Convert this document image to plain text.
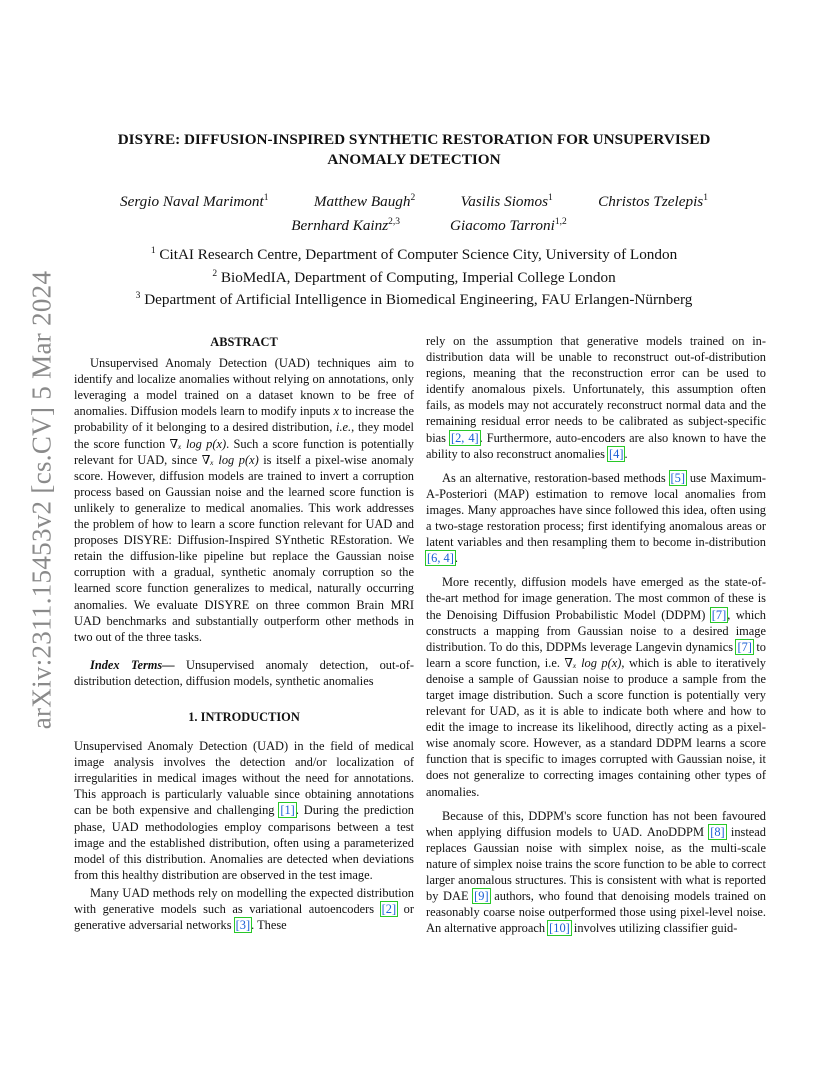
arXiv:2311.15453v2 [cs.CV] 5 Mar 2024
DISYRE: DIFFUSION-INSPIRED SYNTHETIC RESTORATION FOR UNSUPERVISED
ANOMALY DETECTION
Sergio Naval Marimont$^1$	Matthew Baugh$^2$	Vasilis Siomos$^1$	Christos Tzelepis$^1$
Bernhard Kainz$^{2,3}$	Giacomo Tarroni$^{1,2}$
$^1$ CitAI Research Centre, Department of Computer Science City, University of London
$^2$ BioMedIA, Department of Computing, Imperial College London
$^3$ Department of Artificial Intelligence in Biomedical Engineering, FAU Erlangen-Nürnberg
ABSTRACT

Unsupervised Anomaly Detection (UAD) techniques aim to identify and localize anomalies without relying on annotations, only leveraging a model trained on a dataset known to be free of anomalies. Diffusion models learn to modify inputs x to increase the probability of it belonging to a desired distribution, i.e., they model the score function ∇ₓ log p(x). Such a score function is potentially relevant for UAD, since ∇ₓ log p(x) is itself a pixel-wise anomaly score. However, diffusion models are trained to invert a corruption process based on Gaussian noise and the learned score function is unlikely to generalize to medical anomalies. This work addresses the problem of how to learn a score function relevant for UAD and proposes DISYRE: Diffusion-Inspired SYnthetic REstoration. We retain the diffusion-like pipeline but replace the Gaussian noise corruption with a gradual, synthetic anomaly corruption so the learned score function generalizes to medical, naturally occurring anomalies. We evaluate DISYRE on three common Brain MRI UAD benchmarks and substantially outperform other methods in two out of the three tasks.

Index Terms— Unsupervised anomaly detection, out-of-distribution detection, diffusion models, synthetic anomalies

1. INTRODUCTION

Unsupervised Anomaly Detection (UAD) in the field of medical image analysis involves the detection and/or localization of irregularities in medical images without the need for annotations. This approach is particularly valuable since obtaining annotations can be both expensive and challenging [1]. During the prediction phase, UAD methodologies employ comparisons between a test image and the established distribution, often using a parameterized model of this distribution. Anomalies are detected when deviations from this healthy distribution are observed in the test image.

Many UAD methods rely on modelling the expected distribution with generative models such as variational autoencoders [2] or generative adversarial networks [3]. These

rely on the assumption that generative models trained on in-distribution data will be unable to reconstruct out-of-distribution regions, meaning that the reconstruction error can be used to identify anomalous pixels. Unfortunately, this assumption often fails, as models may not accurately reconstruct normal data and the remaining residual error needs to be calibrated as subject-specific bias [2, 4]. Furthermore, auto-encoders are also known to have the ability to also reconstruct anomalies [4].

As an alternative, restoration-based methods [5] use Maximum-A-Posteriori (MAP) estimation to remove local anomalies from images. Many approaches have since followed this idea, often using a two-stage restoration process; first identifying anomalous areas or latent variables and then resampling them to become in-distribution [6, 4].

More recently, diffusion models have emerged as the state-of-the-art method for image generation. The most common of these is the Denoising Diffusion Probabilistic Model (DDPM) [7], which constructs a mapping from Gaussian noise to a desired image distribution. To do this, DDPMs leverage Langevin dynamics [7] to learn a score function, i.e. ∇ₓ log p(x), which is able to iteratively denoise a sample of Gaussian noise to produce a sample from the target image distribution. Such a score function is potentially very relevant for UAD, as it is able to indicate both where and how to edit the image to increase its likelihood, directly acting as a pixel-wise anomaly score. However, as a standard DDPM learns a score function that is specific to images corrupted with Gaussian noise, it does not generalize to correcting images containing other types of anomalies.

Because of this, DDPM's score function has not been favoured when applying diffusion models to UAD. AnoDDPM [8] instead replaces Gaussian noise with simplex noise, as the multi-scale nature of simplex noise trains the score function to be able to correct larger anomalous structures. This is consistent with what is reported by DAE [9] authors, who found that denoising models trained on reasonably coarse noise outperformed those using pixel-level noise. An alternative approach [10] involves utilizing classifier guid-
